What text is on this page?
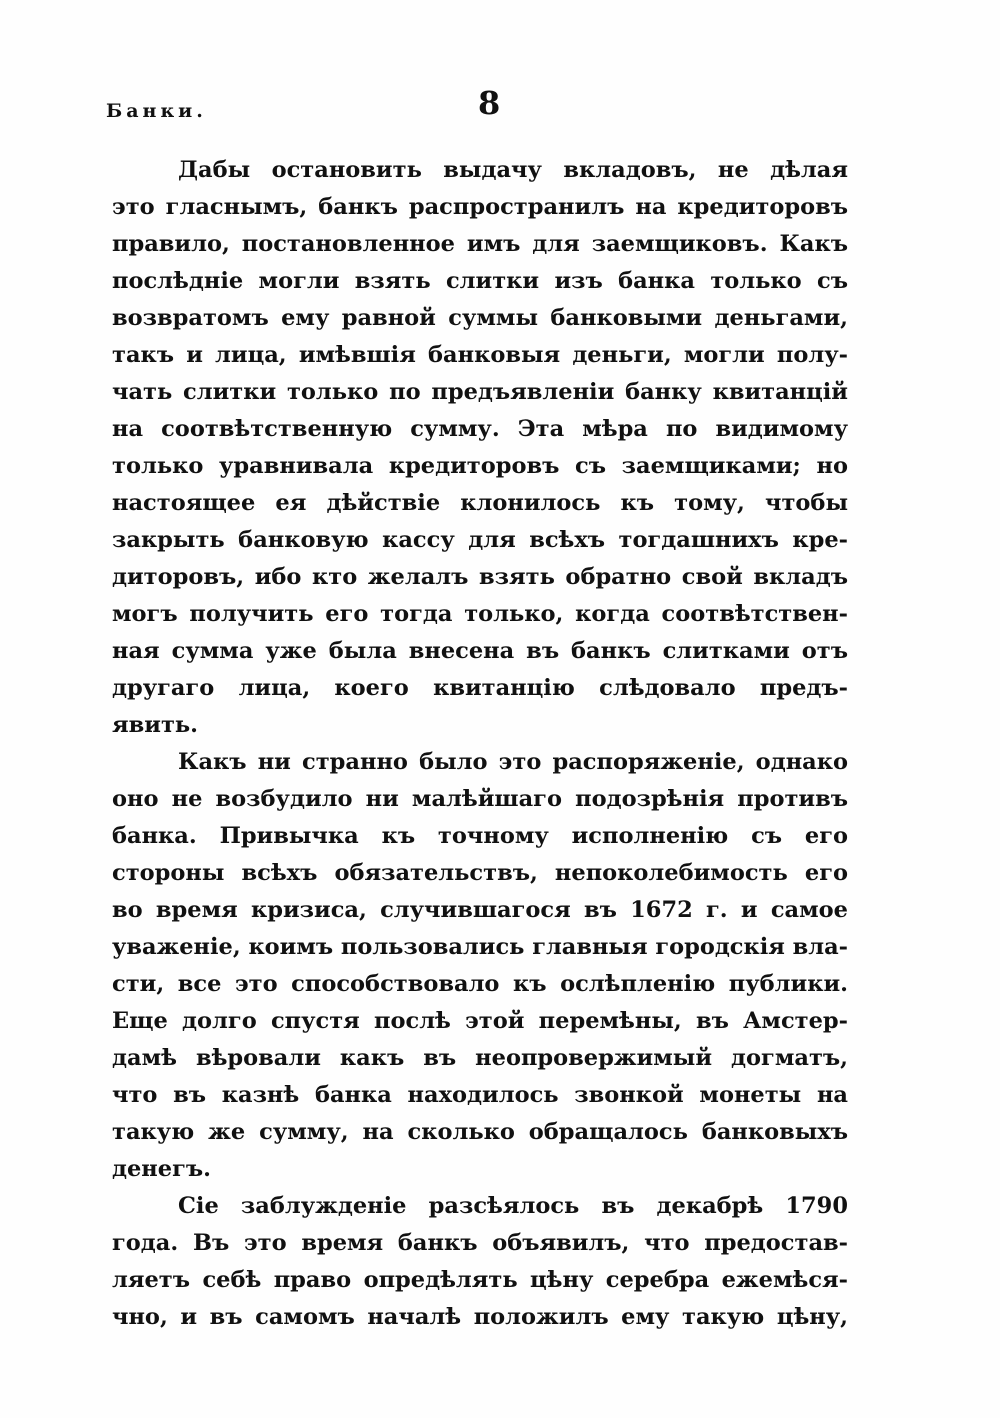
Банки.	8
Дабы остановить выдачу вкладовъ, не дѣлая
это гласнымъ, банкъ распространилъ на кредиторовъ
правило, постановленное имъ для заемщиковъ. Какъ
послѣдніе могли взять слитки изъ банка только съ
возвратомъ ему равной суммы банковыми деньгами,
такъ и лица, имѣвшія банковыя деньги, могли полу-
чать слитки только по предъявленіи банку квитанцій
на соотвѣтственную сумму. Эта мѣра по видимому
только уравнивала кредиторовъ съ заемщиками; но
настоящее ея дѣйствіе клонилось къ тому, чтобы
закрыть банковую кассу для всѣхъ тогдашнихъ кре-
диторовъ, ибо кто желалъ взять обратно свой вкладъ
могъ получить его тогда только, когда соотвѣтствен-
ная сумма уже была внесена въ банкъ слитками отъ
другаго лица, коего квитанцію слѣдовало предъ-
явить.
Какъ ни странно было это распоряженіе, однако
оно не возбудило ни малѣйшаго подозрѣнія противъ
банка. Привычка къ точному исполненію съ его
стороны всѣхъ обязательствъ, непоколебимость его
во время кризиса, случившагося въ 1672 г. и самое
уваженіе, коимъ пользовались главныя городскія вла-
сти, все это способствовало къ ослѣпленію публики.
Еще долго спустя послѣ этой перемѣны, въ Амстер-
дамѣ вѣровали какъ въ неопровержимый догматъ,
что въ казнѣ банка находилось звонкой монеты на
такую же сумму, на сколько обращалось банковыхъ
денегъ.
Сіе заблужденіе разсѣялось въ декабрѣ 1790
года. Въ это время банкъ объявилъ, что предостав-
ляетъ себѣ право опредѣлять цѣну серебра ежемѣся-
чно, и въ самомъ началѣ положилъ ему такую цѣну,
